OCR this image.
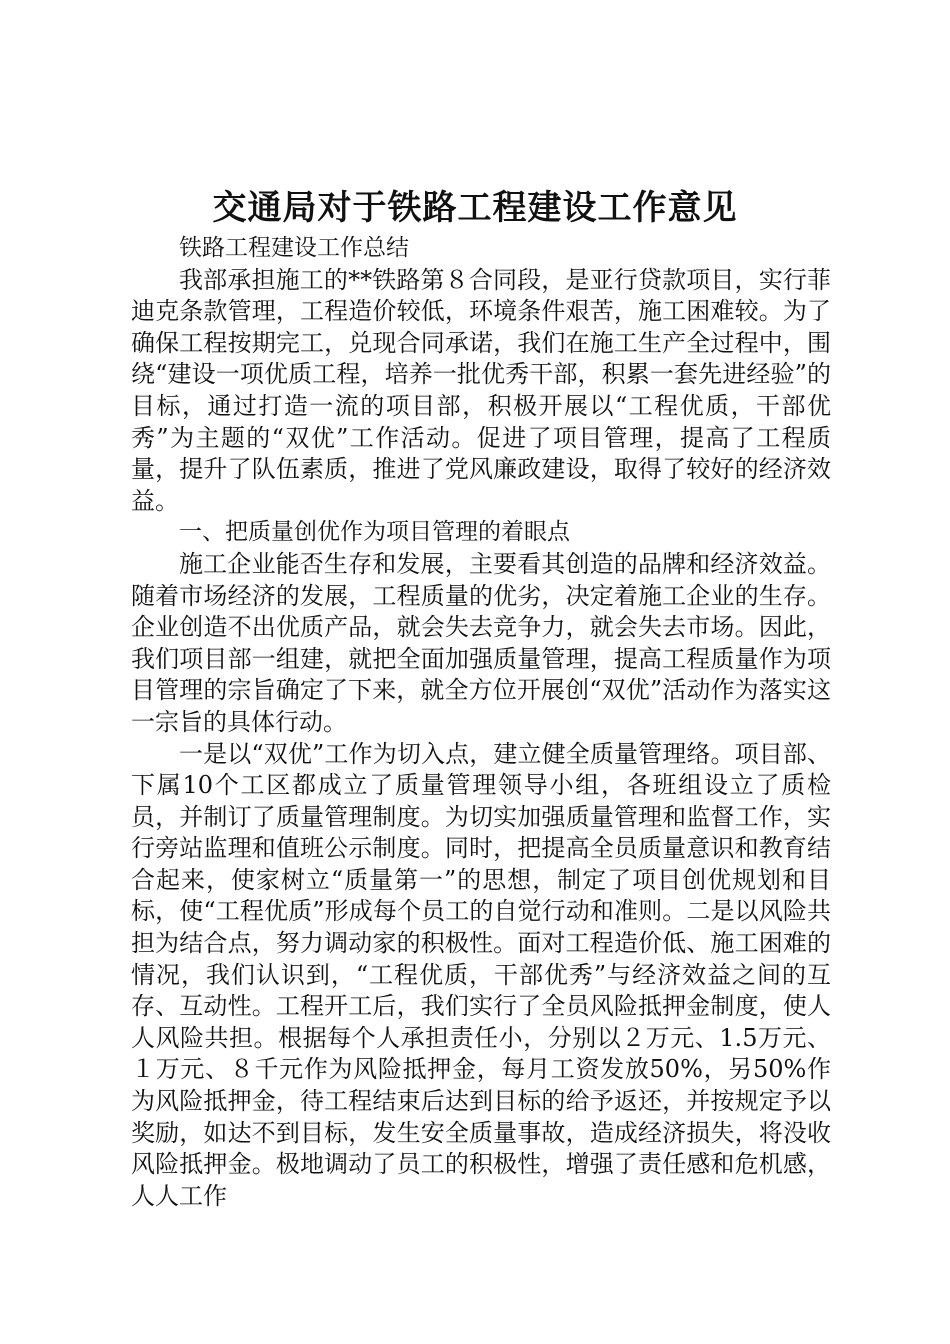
交通局对于铁路工程建设工作意见

铁路工程建设工作总结

我部承担施工的**铁路第８合同段，是亚行贷款项目，实行菲迪克条款管理，工程造价较低，环境条件艰苦，施工困难较。为了确保工程按期完工，兑现合同承诺，我们在施工生产全过程中，围绕“建设一项优质工程，培养一批优秀干部，积累一套先进经验”的目标，通过打造一流的项目部，积极开展以“工程优质，干部优秀”为主题的“双优”工作活动。促进了项目管理，提高了工程质量，提升了队伍素质，推进了党风廉政建设，取得了较好的经济效益。

一、把质量创优作为项目管理的着眼点

施工企业能否生存和发展，主要看其创造的品牌和经济效益。随着市场经济的发展，工程质量的优劣，决定着施工企业的生存。企业创造不出优质产品，就会失去竞争力，就会失去市场。因此，我们项目部一组建，就把全面加强质量管理，提高工程质量作为项目管理的宗旨确定了下来，就全方位开展创“双优”活动作为落实这一宗旨的具体行动。

一是以“双优”工作为切入点，建立健全质量管理络。项目部、下属10个工区都成立了质量管理领导小组，各班组设立了质检员，并制订了质量管理制度。为切实加强质量管理和监督工作，实行旁站监理和值班公示制度。同时，把提高全员质量意识和教育结合起来，使家树立“质量第一”的思想，制定了项目创优规划和目标，使“工程优质”形成每个员工的自觉行动和准则。二是以风险共担为结合点，努力调动家的积极性。面对工程造价低、施工困难的情况，我们认识到，“工程优质，干部优秀”与经济效益之间的互存、互动性。工程开工后，我们实行了全员风险抵押金制度，使人人风险共担。根据每个人承担责任小，分别以２万元、1.5万元、１万元、８千元作为风险抵押金，每月工资发放50%，另50%作为风险抵押金，待工程结束后达到目标的给予返还，并按规定予以奖励，如达不到目标，发生安全质量事故，造成经济损失，将没收风险抵押金。极地调动了员工的积极性，增强了责任感和危机感，人人工作
